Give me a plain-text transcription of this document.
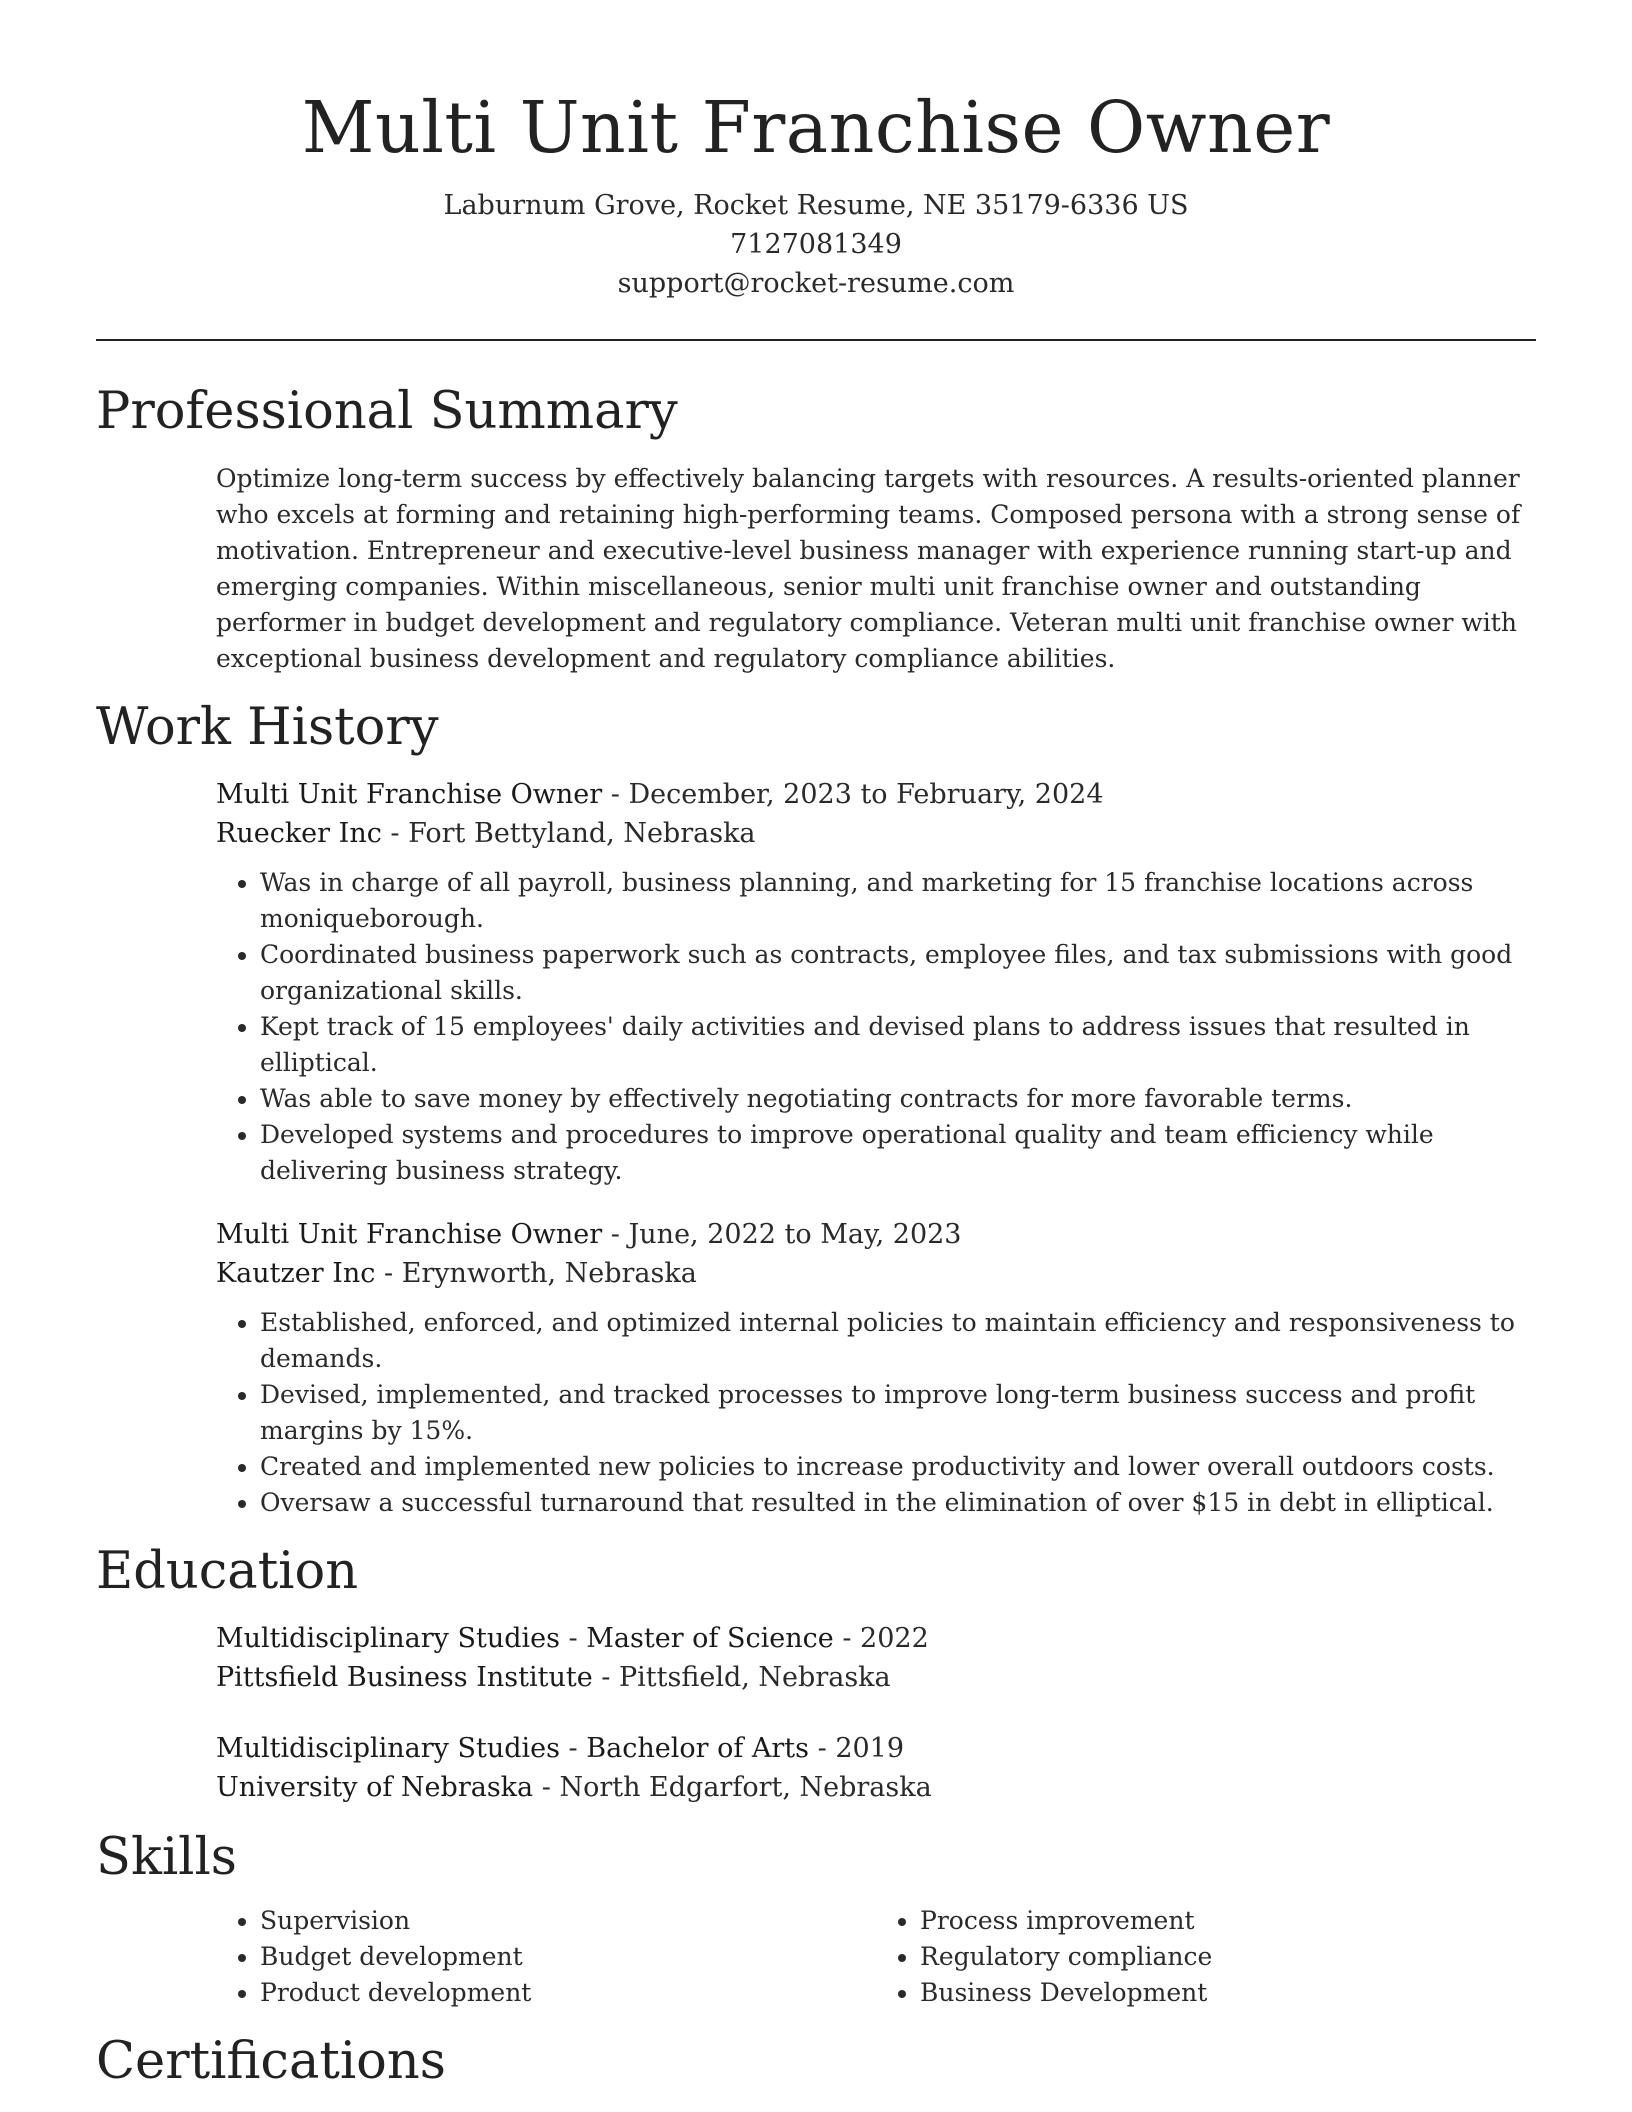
Multi Unit Franchise Owner
Laburnum Grove, Rocket Resume, NE 35179-6336 US
7127081349
support@rocket-resume.com
Professional Summary
Optimize long-term success by effectively balancing targets with resources. A results-oriented planner who excels at forming and retaining high-performing teams. Composed persona with a strong sense of motivation. Entrepreneur and executive-level business manager with experience running start-up and emerging companies. Within miscellaneous, senior multi unit franchise owner and outstanding performer in budget development and regulatory compliance. Veteran multi unit franchise owner with exceptional business development and regulatory compliance abilities.
Work History
Multi Unit Franchise Owner - December, 2023 to February, 2024
Ruecker Inc - Fort Bettyland, Nebraska
• Was in charge of all payroll, business planning, and marketing for 15 franchise locations across moniqueborough.
• Coordinated business paperwork such as contracts, employee files, and tax submissions with good organizational skills.
• Kept track of 15 employees' daily activities and devised plans to address issues that resulted in elliptical.
• Was able to save money by effectively negotiating contracts for more favorable terms.
• Developed systems and procedures to improve operational quality and team efficiency while delivering business strategy.
Multi Unit Franchise Owner - June, 2022 to May, 2023
Kautzer Inc - Erynworth, Nebraska
• Established, enforced, and optimized internal policies to maintain efficiency and responsiveness to demands.
• Devised, implemented, and tracked processes to improve long-term business success and profit margins by 15%.
• Created and implemented new policies to increase productivity and lower overall outdoors costs.
• Oversaw a successful turnaround that resulted in the elimination of over $15 in debt in elliptical.
Education
Multidisciplinary Studies - Master of Science - 2022
Pittsfield Business Institute - Pittsfield, Nebraska
Multidisciplinary Studies - Bachelor of Arts - 2019
University of Nebraska - North Edgarfort, Nebraska
Skills
• Supervision
• Budget development
• Product development
• Process improvement
• Regulatory compliance
• Business Development
Certifications
